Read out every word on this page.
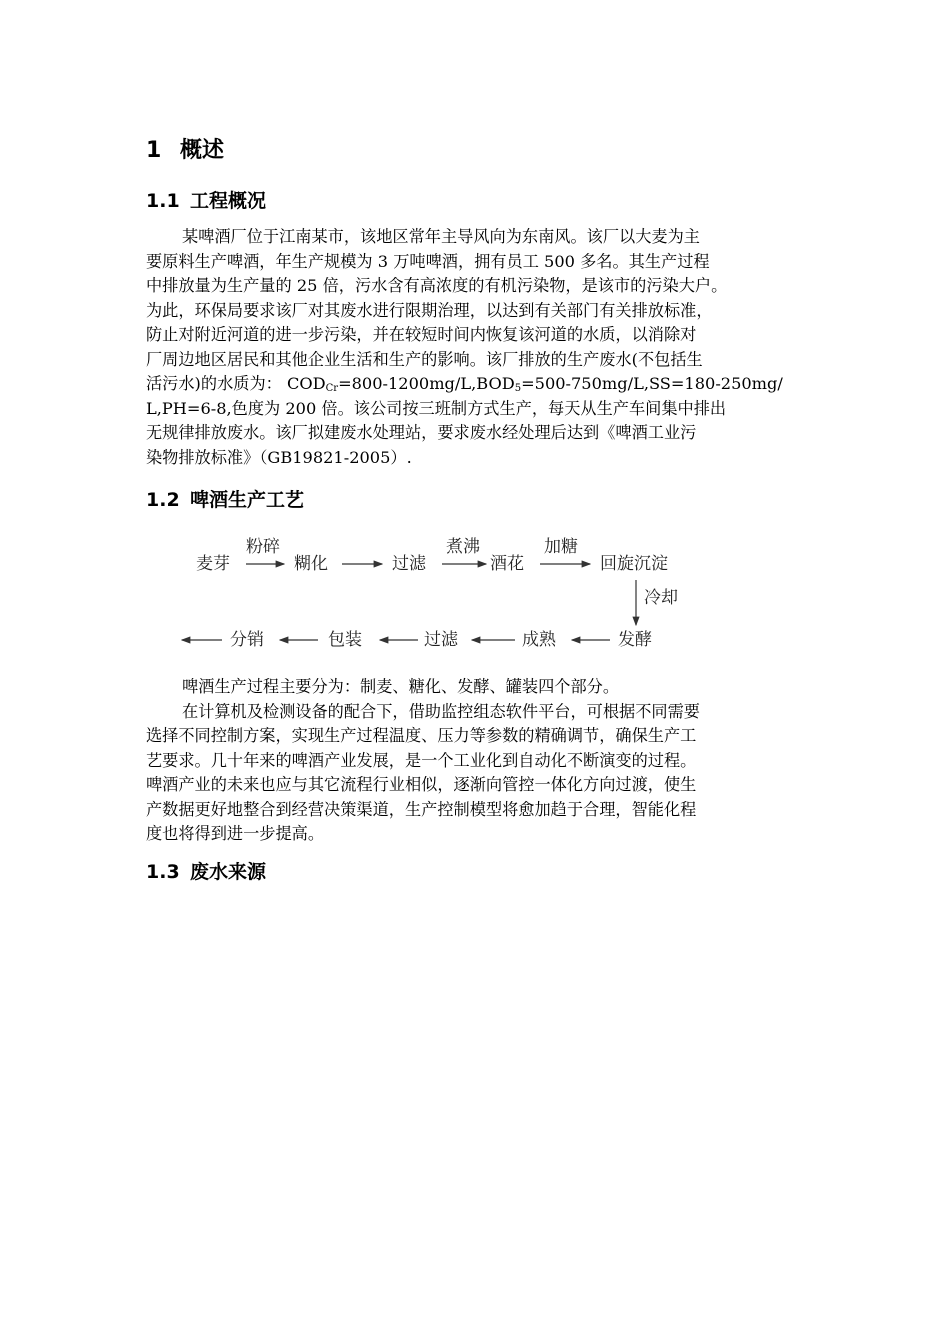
1 概述
1.1 工程概况
某啤酒厂位于江南某市，该地区常年主导风向为东南风。该厂以大麦为主
要原料生产啤酒，年生产规模为 3 万吨啤酒，拥有员工 500 多名。其生产过程
中排放量为生产量的 25 倍，污水含有高浓度的有机污染物，是该市的污染大户。
为此，环保局要求该厂对其废水进行限期治理，以达到有关部门有关排放标准，
防止对附近河道的进一步污染，并在较短时间内恢复该河道的水质，以消除对
厂周边地区居民和其他企业生活和生产的影响。该厂排放的生产废水(不包括生
活污水)的水质为： $COD_{Cr}=800-1200mg/L,BOD_5=500-750mg/L,SS=180-250mg/$
L,PH=6-8,色度为 200 倍。该公司按三班制方式生产，每天从生产车间集中排出
无规律排放废水。该厂拟建废水处理站，要求废水经处理后达到《啤酒工业污
染物排放标准》（GB19821-2005）.
1.2 啤酒生产工艺
麦芽	糊化	过滤	酒花	回旋沉淀
粉碎	煮沸	加糖
冷却
分销	包装	过滤	成熟	发酵
啤酒生产过程主要分为：制麦、糖化、发酵、罐装四个部分。
在计算机及检测设备的配合下，借助监控组态软件平台，可根据不同需要
选择不同控制方案，实现生产过程温度、压力等参数的精确调节，确保生产工
艺要求。几十年来的啤酒产业发展，是一个工业化到自动化不断演变的过程。
啤酒产业的未来也应与其它流程行业相似，逐渐向管控一体化方向过渡，使生
产数据更好地整合到经营决策渠道，生产控制模型将愈加趋于合理，智能化程
度也将得到进一步提高。
1.3 废水来源
